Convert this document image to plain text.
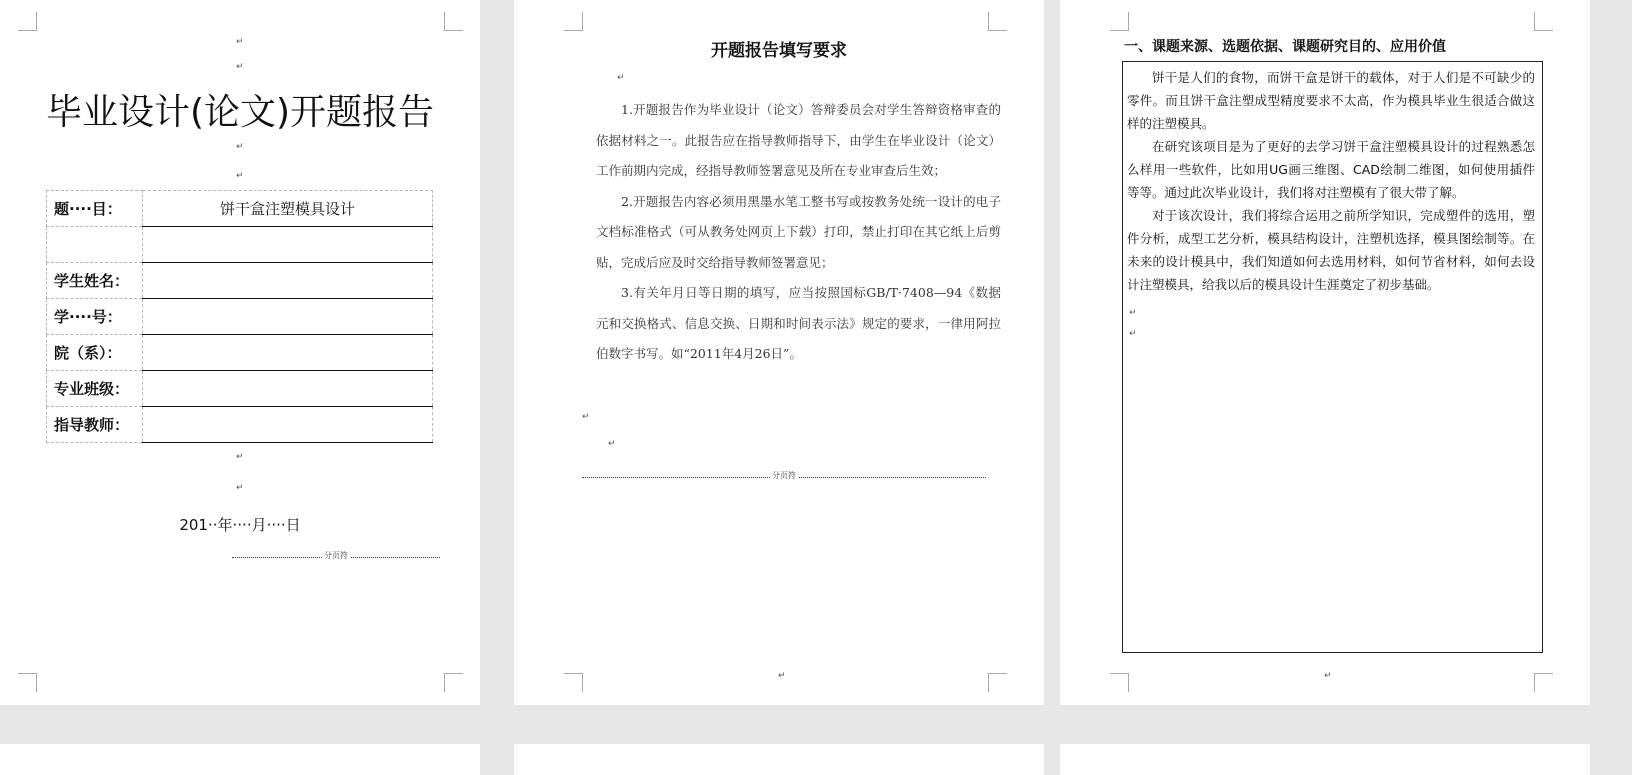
↵
↵
毕业设计(论文)开题报告
↵
↵
题····目：	饼干盒注塑模具设计

学生姓名：	
学····号：	
院（系）：	
专业班级：	
指导教师：	
↵
↵
201··年····月····日
分页符
开题报告填写要求
↵

1.开题报告作为毕业设计（论文）答辩委员会对学生答辩资格审查的依据材料之一。此报告应在指导教师指导下，由学生在毕业设计（论文）工作前期内完成，经指导教师签署意见及所在专业审查后生效；

2.开题报告内容必须用黑墨水笔工整书写或按教务处统一设计的电子文档标准格式（可从教务处网页上下载）打印，禁止打印在其它纸上后剪贴，完成后应及时交给指导教师签署意见；

3.有关年月日等日期的填写，应当按照国标GB/T·7408—94《数据元和交换格式、信息交换、日期和时间表示法》规定的要求，一律用阿拉伯数字书写。如“2011年4月26日”。

↵
↵
分页符
↵
一、课题来源、选题依据、课题研究目的、应用价值

饼干是人们的食物，而饼干盒是饼干的载体，对于人们是不可缺少的零件。而且饼干盒注塑成型精度要求不太高，作为模具毕业生很适合做这样的注塑模具。

在研究该项目是为了更好的去学习饼干盒注塑模具设计的过程熟悉怎么样用一些软件，比如用UG画三维图、CAD绘制二维图，如何使用插件等等。通过此次毕业设计，我们将对注塑模有了很大带了解。

对于该次设计，我们将综合运用之前所学知识，完成塑件的选用，塑件分析，成型工艺分析，模具结构设计，注塑机选择，模具图绘制等。在未来的设计模具中，我们知道如何去选用材料，如何节省材料，如何去设计注塑模具，给我以后的模具设计生涯奠定了初步基础。

↵
↵
↵
